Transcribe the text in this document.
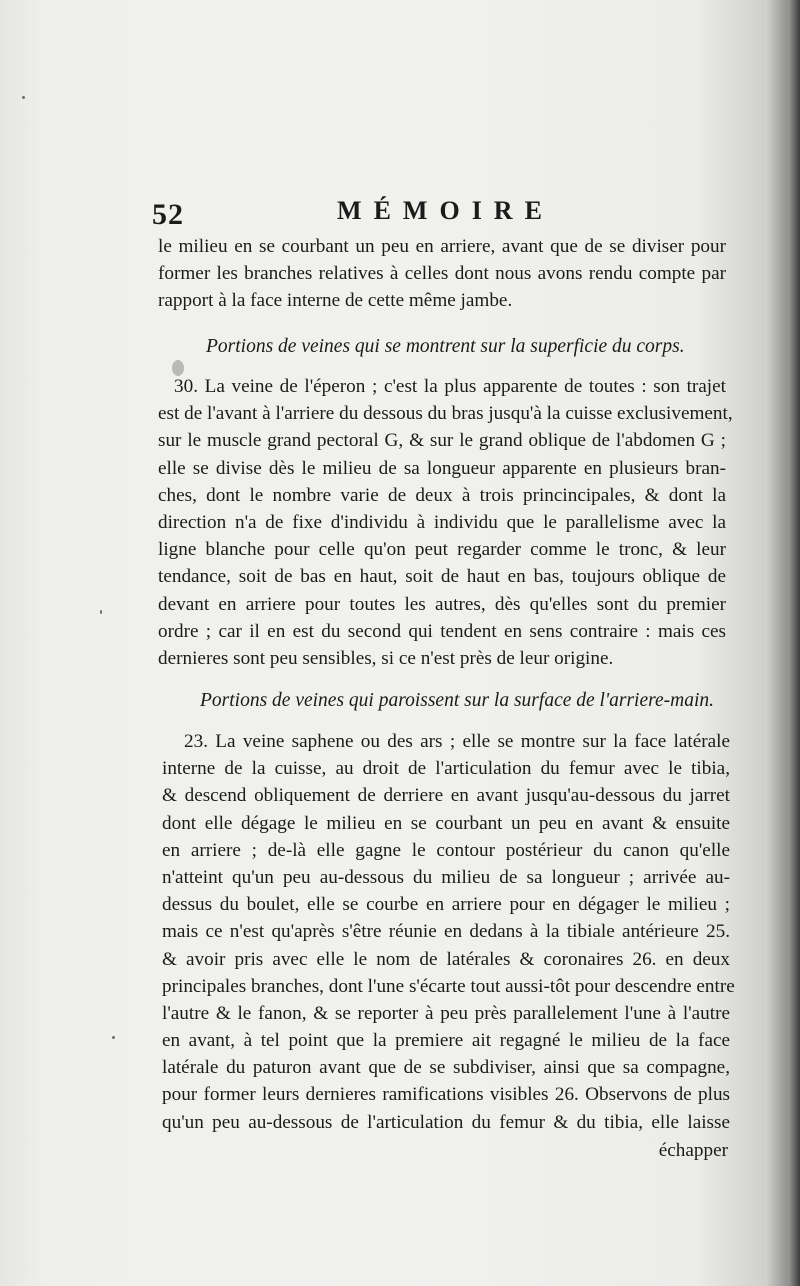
52	MÉMOIRE
le milieu en se courbant un peu en arriere, avant que de se diviser pour
former les branches relatives à celles dont nous avons rendu compte par
rapport à la face interne de cette même jambe.
Portions de veines qui se montrent sur la superficie du corps.
30. La veine de l'éperon ; c'est la plus apparente de toutes : son trajet
est de l'avant à l'arriere du dessous du bras jusqu'à la cuisse exclusivement,
sur le muscle grand pectoral G, & sur le grand oblique de l'abdomen G ;
elle se divise dès le milieu de sa longueur apparente en plusieurs bran-
ches, dont le nombre varie de deux à trois princincipales, & dont la
direction n'a de fixe d'individu à individu que le parallelisme avec la
ligne blanche pour celle qu'on peut regarder comme le tronc, & leur
tendance, soit de bas en haut, soit de haut en bas, toujours oblique de
devant en arriere pour toutes les autres, dès qu'elles sont du premier
ordre ; car il en est du second qui tendent en sens contraire : mais ces
dernieres sont peu sensibles, si ce n'est près de leur origine.
Portions de veines qui paroissent sur la surface de l'arriere-main.
23. La veine saphene ou des ars ; elle se montre sur la face latérale
interne de la cuisse, au droit de l'articulation du femur avec le tibia,
& descend obliquement de derriere en avant jusqu'au-dessous du jarret
dont elle dégage le milieu en se courbant un peu en avant & ensuite
en arriere ; de-là elle gagne le contour postérieur du canon qu'elle
n'atteint qu'un peu au-dessous du milieu de sa longueur ; arrivée au-
dessus du boulet, elle se courbe en arriere pour en dégager le milieu ;
mais ce n'est qu'après s'être réunie en dedans à la tibiale antérieure 25.
& avoir pris avec elle le nom de latérales & coronaires 26. en deux
principales branches, dont l'une s'écarte tout aussi-tôt pour descendre entre
l'autre & le fanon, & se reporter à peu près parallelement l'une à l'autre
en avant, à tel point que la premiere ait regagné le milieu de la face
latérale du paturon avant que de se subdiviser, ainsi que sa compagne,
pour former leurs dernieres ramifications visibles 26. Observons de plus
qu'un peu au-dessous de l'articulation du femur & du tibia, elle laisse
échapper
